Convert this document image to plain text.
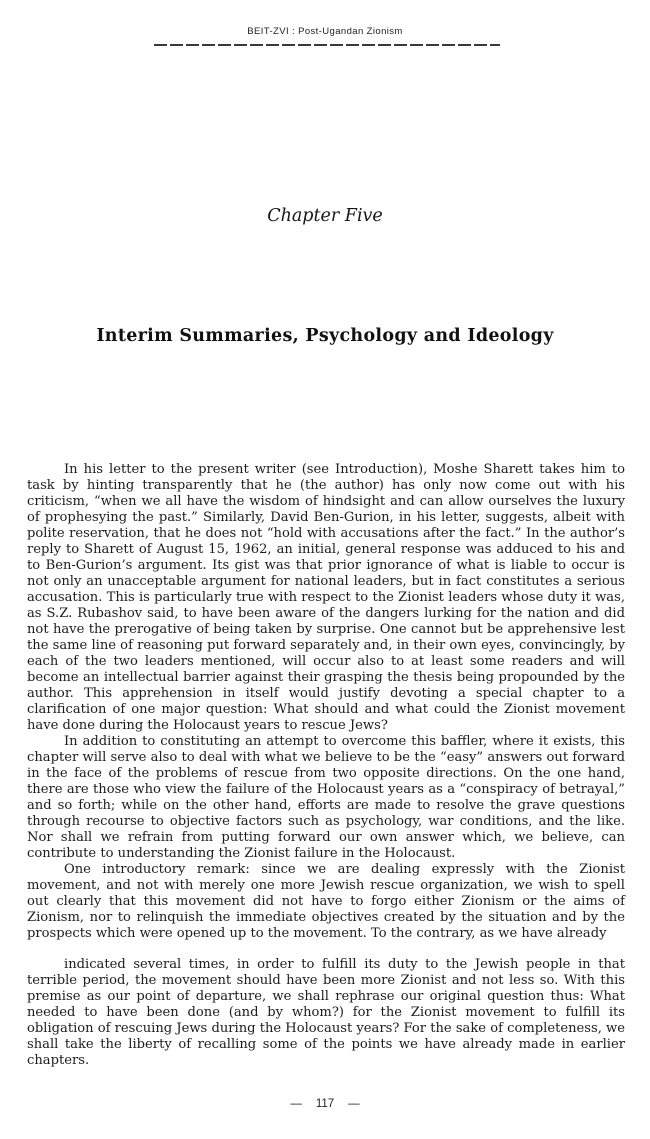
BEIT-ZVI : Post-Ugandan Zionism
Chapter Five
Interim Summaries, Psychology and Ideology

In his letter to the present writer (see Introduction), Moshe Sharett takes him to task by hinting transparently that he (the author) has only now come out with his criticism, “when we all have the wisdom of hindsight and can allow ourselves the luxury of prophesying the past.” Similarly, David Ben-Gurion, in his letter, suggests, albeit with polite reservation, that he does not “hold with accusations after the fact.” In the author’s reply to Sharett of August 15, 1962, an initial, general response was adduced to his and to Ben-Gurion’s argument. Its gist was that prior ignorance of what is liable to occur is not only an unacceptable argument for national leaders, but in fact constitutes a serious accusation. This is particularly true with respect to the Zionist leaders whose duty it was, as S.Z. Rubashov said, to have been aware of the dangers lurking for the nation and did not have the prerogative of being taken by surprise. One cannot but be apprehensive lest the same line of reasoning put forward separately and, in their own eyes, convincingly, by each of the two leaders mentioned, will occur also to at least some readers and will become an intellectual barrier against their grasping the thesis being propounded by the author. This apprehension in itself would justify devoting a special chapter to a clarification of one major question: What should and what could the Zionist movement have done during the Holocaust years to rescue Jews?

In addition to constituting an attempt to overcome this baffler, where it exists, this chapter will serve also to deal with what we believe to be the “easy” answers out forward in the face of the problems of rescue from two opposite directions. On the one hand, there are those who view the failure of the Holocaust years as a “conspiracy of betrayal,” and so forth; while on the other hand, efforts are made to resolve the grave questions through recourse to objective factors such as psychology, war conditions, and the like. Nor shall we refrain from putting forward our own answer which, we believe, can contribute to understanding the Zionist failure in the Holocaust.

One introductory remark: since we are dealing expressly with the Zionist movement, and not with merely one more Jewish rescue organization, we wish to spell out clearly that this movement did not have to forgo either Zionism or the aims of Zionism, nor to relinquish the immediate objectives created by the situation and by the prospects which were opened up to the movement. To the contrary, as we have already

indicated several times, in order to fulfill its duty to the Jewish people in that terrible period, the movement should have been more Zionist and not less so. With this premise as our point of departure, we shall rephrase our original question thus: What needed to have been done (and by whom?) for the Zionist movement to fulfill its obligation of rescuing Jews during the Holocaust years? For the sake of completeness, we shall take the liberty of recalling some of the points we have already made in earlier chapters.

— 117 —
